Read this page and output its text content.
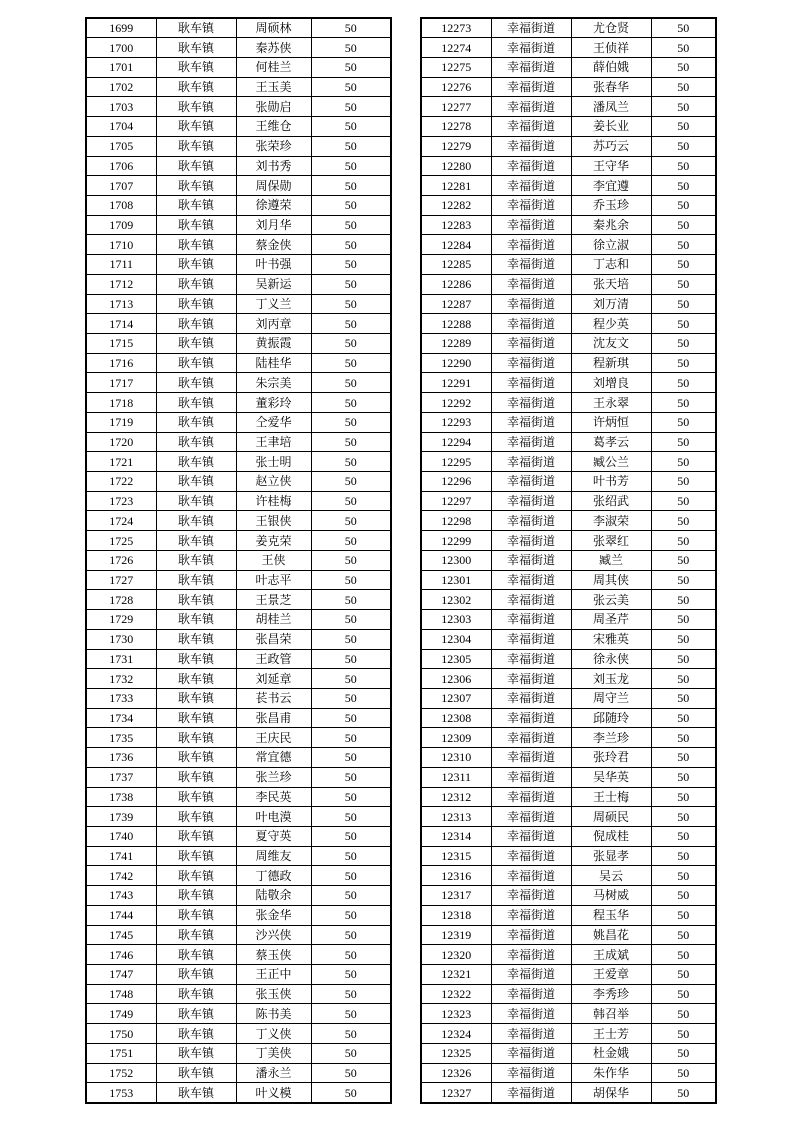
1699	耿车镇	周硕林	50
1700	耿车镇	秦苏侠	50
1701	耿车镇	何桂兰	50
1702	耿车镇	王玉美	50
1703	耿车镇	张勋启	50
1704	耿车镇	王维仓	50
1705	耿车镇	张荣珍	50
1706	耿车镇	刘书秀	50
1707	耿车镇	周保勋	50
1708	耿车镇	徐遵荣	50
1709	耿车镇	刘月华	50
1710	耿车镇	蔡金侠	50
1711	耿车镇	叶书强	50
1712	耿车镇	吴新运	50
1713	耿车镇	丁义兰	50
1714	耿车镇	刘丙章	50
1715	耿车镇	黄振霞	50
1716	耿车镇	陆桂华	50
1717	耿车镇	朱宗美	50
1718	耿车镇	董彩玲	50
1719	耿车镇	仝爱华	50
1720	耿车镇	王聿培	50
1721	耿车镇	张士明	50
1722	耿车镇	赵立侠	50
1723	耿车镇	许桂梅	50
1724	耿车镇	王银侠	50
1725	耿车镇	姜克荣	50
1726	耿车镇	王侠	50
1727	耿车镇	叶志平	50
1728	耿车镇	王景芝	50
1729	耿车镇	胡桂兰	50
1730	耿车镇	张昌荣	50
1731	耿车镇	王政管	50
1732	耿车镇	刘延章	50
1733	耿车镇	苌书云	50
1734	耿车镇	张昌甫	50
1735	耿车镇	王庆民	50
1736	耿车镇	常宜德	50
1737	耿车镇	张兰珍	50
1738	耿车镇	李民英	50
1739	耿车镇	叶电漠	50
1740	耿车镇	夏守英	50
1741	耿车镇	周维友	50
1742	耿车镇	丁德政	50
1743	耿车镇	陆敬余	50
1744	耿车镇	张金华	50
1745	耿车镇	沙兴侠	50
1746	耿车镇	蔡玉侠	50
1747	耿车镇	王正中	50
1748	耿车镇	张玉侠	50
1749	耿车镇	陈书美	50
1750	耿车镇	丁义侠	50
1751	耿车镇	丁美侠	50
1752	耿车镇	潘永兰	50
1753	耿车镇	叶义模	50
12273	幸福街道	尤仓贤	50
12274	幸福街道	王侦祥	50
12275	幸福街道	薛伯娥	50
12276	幸福街道	张春华	50
12277	幸福街道	潘凤兰	50
12278	幸福街道	姜长业	50
12279	幸福街道	苏巧云	50
12280	幸福街道	王守华	50
12281	幸福街道	李宜遵	50
12282	幸福街道	乔玉珍	50
12283	幸福街道	秦兆余	50
12284	幸福街道	徐立淑	50
12285	幸福街道	丁志和	50
12286	幸福街道	张天培	50
12287	幸福街道	刘万清	50
12288	幸福街道	程少英	50
12289	幸福街道	沈友文	50
12290	幸福街道	程新琪	50
12291	幸福街道	刘增良	50
12292	幸福街道	王永翠	50
12293	幸福街道	许炳恒	50
12294	幸福街道	葛孝云	50
12295	幸福街道	臧公兰	50
12296	幸福街道	叶书芳	50
12297	幸福街道	张绍武	50
12298	幸福街道	李淑荣	50
12299	幸福街道	张翠红	50
12300	幸福街道	臧兰	50
12301	幸福街道	周其侠	50
12302	幸福街道	张云美	50
12303	幸福街道	周圣芹	50
12304	幸福街道	宋雅英	50
12305	幸福街道	徐永侠	50
12306	幸福街道	刘玉龙	50
12307	幸福街道	周守兰	50
12308	幸福街道	邱随玲	50
12309	幸福街道	李兰珍	50
12310	幸福街道	张玲君	50
12311	幸福街道	吴华英	50
12312	幸福街道	王士梅	50
12313	幸福街道	周硕民	50
12314	幸福街道	倪成桂	50
12315	幸福街道	张显孝	50
12316	幸福街道	吴云	50
12317	幸福街道	马树威	50
12318	幸福街道	程玉华	50
12319	幸福街道	姚昌花	50
12320	幸福街道	王成斌	50
12321	幸福街道	王爱章	50
12322	幸福街道	李秀珍	50
12323	幸福街道	韩召举	50
12324	幸福街道	王士芳	50
12325	幸福街道	杜金娥	50
12326	幸福街道	朱作华	50
12327	幸福街道	胡保华	50
